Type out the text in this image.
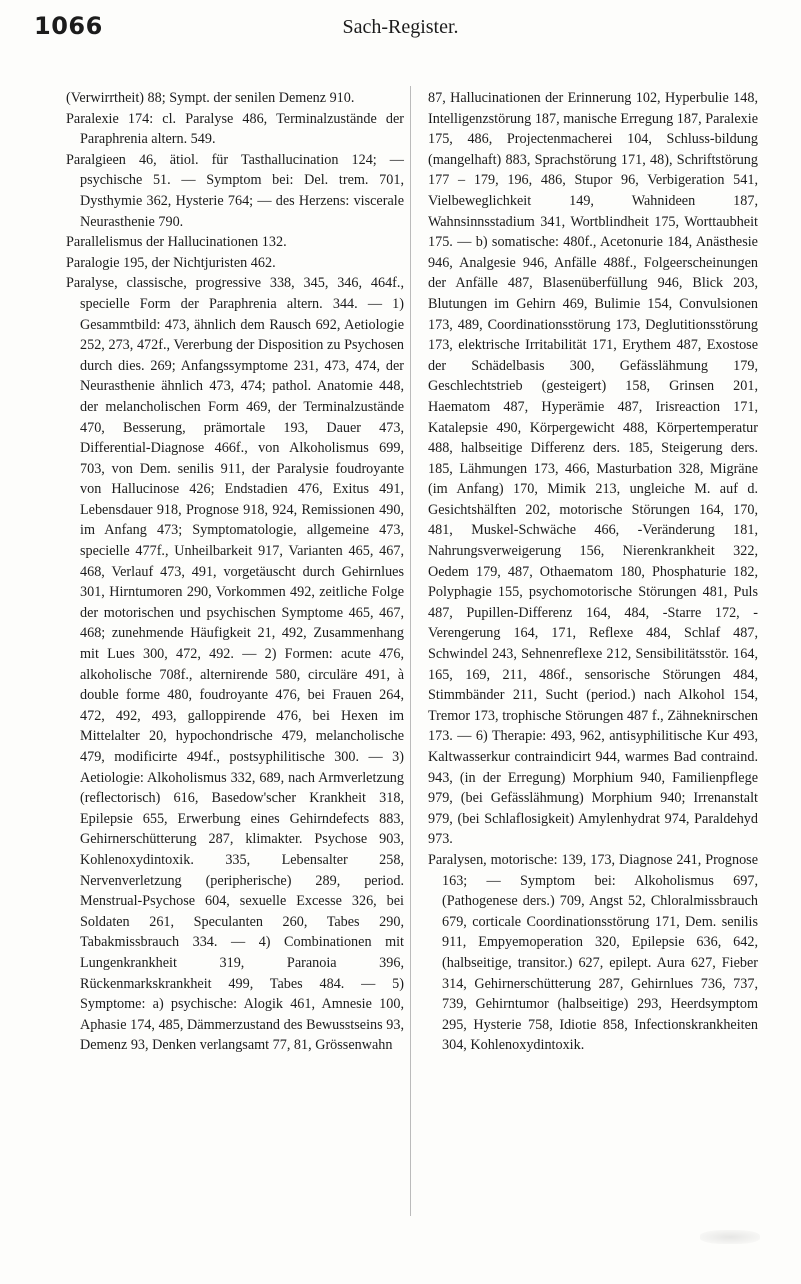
1066	Sach-Register.

(Verwirrtheit) 88; Sympt. der senilen Demenz 910.

Paralexie 174: cl. Paralyse 486, Terminalzustände der Paraphrenia altern. 549.

Paralgieen 46, ätiol. für Tasthallucination 124; — psychische 51. — Symptom bei: Del. trem. 701, Dysthymie 362, Hysterie 764; — des Herzens: viscerale Neurasthenie 790.

Parallelismus der Hallucinationen 132.

Paralogie 195, der Nichtjuristen 462.

Paralyse, classische, progressive 338, 345, 346, 464f., specielle Form der Paraphrenia altern. 344. — 1) Gesammtbild: 473, ähnlich dem Rausch 692, Aetiologie 252, 273, 472f., Vererbung der Disposition zu Psychosen durch dies. 269; Anfangssymptome 231, 473, 474, der Neurasthenie ähnlich 473, 474; pathol. Anatomie 448, der melancholischen Form 469, der Terminalzustände 470, Besserung, prämortale 193, Dauer 473, Differential-Diagnose 466f., von Alkoholismus 699, 703, von Dem. senilis 911, der Paralysie foudroyante von Hallucinose 426; Endstadien 476, Exitus 491, Lebensdauer 918, Prognose 918, 924, Remissionen 490, im Anfang 473; Symptomatologie, allgemeine 473, specielle 477f., Unheilbarkeit 917, Varianten 465, 467, 468, Verlauf 473, 491, vorgetäuscht durch Gehirnlues 301, Hirntumoren 290, Vorkommen 492, zeitliche Folge der motorischen und psychischen Symptome 465, 467, 468; zunehmende Häufigkeit 21, 492, Zusammenhang mit Lues 300, 472, 492. — 2) Formen: acute 476, alkoholische 708f., alternirende 580, circuläre 491, à double forme 480, foudroyante 476, bei Frauen 264, 472, 492, 493, galloppirende 476, bei Hexen im Mittelalter 20, hypochondrische 479, melancholische 479, modificirte 494f., postsyphilitische 300. — 3) Aetiologie: Alkoholismus 332, 689, nach Armverletzung (reflectorisch) 616, Basedow'scher Krankheit 318, Epilepsie 655, Erwerbung eines Gehirndefects 883, Gehirnerschütterung 287, klimakter. Psychose 903, Kohlenoxydintoxik. 335, Lebensalter 258, Nervenverletzung (peripherische) 289, period. Menstrual-Psychose 604, sexuelle Excesse 326, bei Soldaten 261, Speculanten 260, Tabes 290, Tabakmissbrauch 334. — 4) Combinationen mit Lungenkrankheit 319, Paranoia 396, Rückenmarkskrankheit 499, Tabes 484. — 5) Symptome: a) psychische: Alogik 461, Amnesie 100, Aphasie 174, 485, Dämmerzustand des Bewusstseins 93, Demenz 93, Denken verlangsamt 77, 81, Grössenwahn

87, Hallucinationen der Erinnerung 102, Hyperbulie 148, Intelligenzstörung 187, manische Erregung 187, Paralexie 175, 486, Projectenmacherei 104, Schluss-bildung (mangelhaft) 883, Sprachstörung 171, 48), Schriftstörung 177 – 179, 196, 486, Stupor 96, Verbigeration 541, Vielbeweglichkeit 149, Wahnideen 187, Wahnsinnsstadium 341, Wortblindheit 175, Worttaubheit 175. — b) somatische: 480f., Acetonurie 184, Anästhesie 946, Analgesie 946, Anfälle 488f., Folgeerscheinungen der Anfälle 487, Blasenüberfüllung 946, Blick 203, Blutungen im Gehirn 469, Bulimie 154, Convulsionen 173, 489, Coordinationsstörung 173, Deglutitionsstörung 173, elektrische Irritabilität 171, Erythem 487, Exostose der Schädelbasis 300, Gefässlähmung 179, Geschlechtstrieb (gesteigert) 158, Grinsen 201, Haematom 487, Hyperämie 487, Irisreaction 171, Katalepsie 490, Körpergewicht 488, Körpertemperatur 488, halbseitige Differenz ders. 185, Steigerung ders. 185, Lähmungen 173, 466, Masturbation 328, Migräne (im Anfang) 170, Mimik 213, ungleiche M. auf d. Gesichtshälften 202, motorische Störungen 164, 170, 481, Muskel-Schwäche 466, -Veränderung 181, Nahrungsverweigerung 156, Nierenkrankheit 322, Oedem 179, 487, Othaematom 180, Phosphaturie 182, Polyphagie 155, psychomotorische Störungen 481, Puls 487, Pupillen-Differenz 164, 484, -Starre 172, -Verengerung 164, 171, Reflexe 484, Schlaf 487, Schwindel 243, Sehnenreflexe 212, Sensibilitätsstör. 164, 165, 169, 211, 486f., sensorische Störungen 484, Stimmbänder 211, Sucht (period.) nach Alkohol 154, Tremor 173, trophische Störungen 487 f., Zähneknirschen 173. — 6) Therapie: 493, 962, antisyphilitische Kur 493, Kaltwasserkur contraindicirt 944, warmes Bad contraind. 943, (in der Erregung) Morphium 940, Familienpflege 979, (bei Gefässlähmung) Morphium 940; Irrenanstalt 979, (bei Schlaflosigkeit) Amylenhydrat 974, Paraldehyd 973.

Paralysen, motorische: 139, 173, Diagnose 241, Prognose 163; — Symptom bei: Alkoholismus 697, (Pathogenese ders.) 709, Angst 52, Chloralmissbrauch 679, corticale Coordinationsstörung 171, Dem. senilis 911, Empyemoperation 320, Epilepsie 636, 642, (halbseitige, transitor.) 627, epilept. Aura 627, Fieber 314, Gehirnerschütterung 287, Gehirnlues 736, 737, 739, Gehirntumor (halbseitige) 293, Heerdsymptom 295, Hysterie 758, Idiotie 858, Infectionskrankheiten 304, Kohlenoxydintoxik.
